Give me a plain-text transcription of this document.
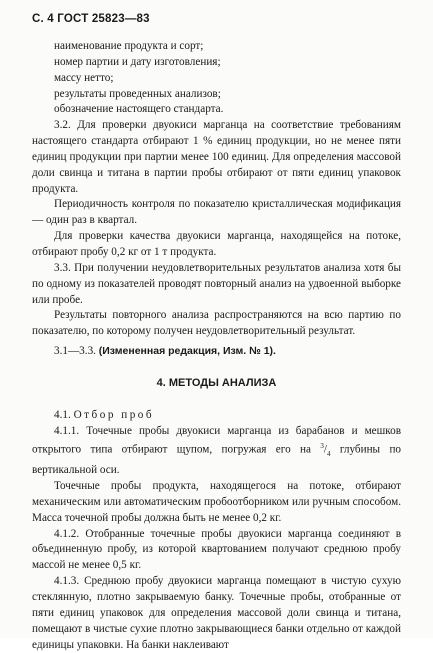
С. 4 ГОСТ 25823—83

наименование продукта и сорт;

номер партии и дату изготовления;

массу нетто;

результаты проведенных анализов;

обозначение настоящего стандарта.

3.2. Для проверки двуокиси марганца на соответствие требованиям настоящего стандарта отбирают 1 % единиц продукции, но не менее пяти единиц продукции при партии менее 100 единиц. Для определения массовой доли свинца и титана в партии пробы отбирают от пяти единиц упаковок продукта.

Периодичность контроля по показателю кристаллическая модификация — один раз в квартал.

Для проверки качества двуокиси марганца, находящейся на потоке, отбирают пробу 0,2 кг от 1 т продукта.

3.3. При получении неудовлетворительных результатов анализа хотя бы по одному из показателей проводят повторный анализ на удвоенной выборке или пробе.

Результаты повторного анализа распространяются на всю партию по показателю, по которому получен неудовлетворительный результат.

3.1—3.3. (Измененная редакция, Изм. № 1).

4. МЕТОДЫ АНАЛИЗА

4.1. Отбор проб

4.1.1. Точечные пробы двуокиси марганца из барабанов и мешков открытого типа отбирают щупом, погружая его на $^3/_4$ глубины по вертикальной оси.

Точечные пробы продукта, находящегося на потоке, отбирают механическим или автоматическим пробоотборником или ручным способом. Масса точечной пробы должна быть не менее 0,2 кг.

4.1.2. Отобранные точечные пробы двуокиси марганца соединяют в объединенную пробу, из которой квартованием получают среднюю пробу массой не менее 0,5 кг.

4.1.3. Среднюю пробу двуокиси марганца помещают в чистую сухую стеклянную, плотно закрываемую банку. Точечные пробы, отобранные от пяти единиц упаковок для определения массовой доли свинца и титана, помещают в чистые сухие плотно закрывающиеся банки отдельно от каждой единицы упаковки. На банки наклеивают
